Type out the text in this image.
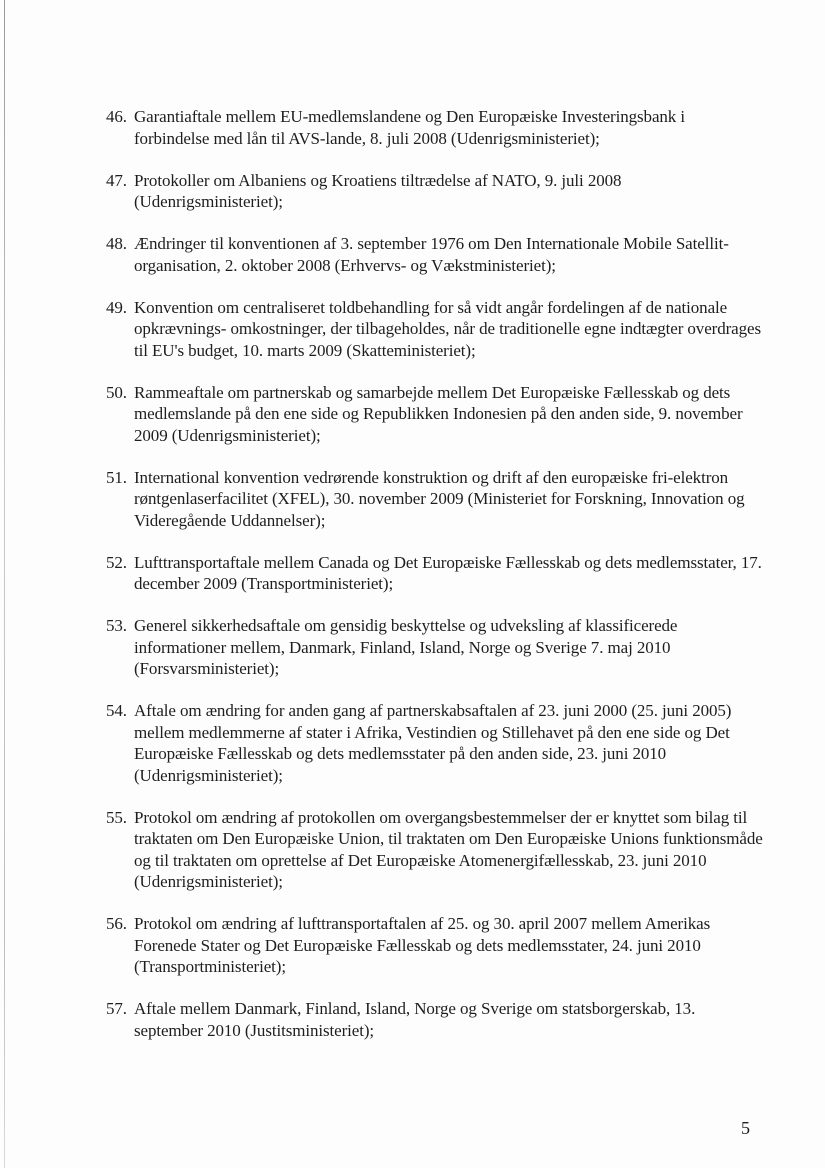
46. Garantiaftale mellem EU-medlemslandene og Den Europæiske Investeringsbank i forbindelse med lån til AVS-lande, 8. juli 2008 (Udenrigsministeriet);
47. Protokoller om Albaniens og Kroatiens tiltrædelse af NATO, 9. juli 2008 (Udenrigsministeriet);
48. Ændringer til konventionen af 3. september 1976 om Den Internationale Mobile Satellit-organisation, 2. oktober 2008 (Erhvervs- og Vækstministeriet);
49. Konvention om centraliseret toldbehandling for så vidt angår fordelingen af de nationale opkrævnings- omkostninger, der tilbageholdes, når de traditionelle egne indtægter overdrages til EU's budget, 10. marts 2009 (Skatteministeriet);
50. Rammeaftale om partnerskab og samarbejde mellem Det Europæiske Fællesskab og dets medlemslande på den ene side og Republikken Indonesien på den anden side, 9. november 2009 (Udenrigsministeriet);
51. International konvention vedrørende konstruktion og drift af den europæiske fri-elektron røntgenlaserfacilitet (XFEL), 30. november 2009 (Ministeriet for Forskning, Innovation og Videregående Uddannelser);
52. Lufttransportaftale mellem Canada og Det Europæiske Fællesskab og dets medlemsstater, 17. december 2009 (Transportministeriet);
53. Generel sikkerhedsaftale om gensidig beskyttelse og udveksling af klassificerede informationer mellem, Danmark, Finland, Island, Norge og Sverige 7. maj 2010 (Forsvarsministeriet);
54. Aftale om ændring for anden gang af partnerskabsaftalen af 23. juni 2000 (25. juni 2005) mellem medlemmerne af stater i Afrika, Vestindien og Stillehavet på den ene side og Det Europæiske Fællesskab og dets medlemsstater på den anden side, 23. juni 2010 (Udenrigsministeriet);
55. Protokol om ændring af protokollen om overgangsbestemmelser der er knyttet som bilag til traktaten om Den Europæiske Union, til traktaten om Den Europæiske Unions funktionsmåde og til traktaten om oprettelse af Det Europæiske Atomenergifællesskab, 23. juni 2010 (Udenrigsministeriet);
56. Protokol om ændring af lufttransportaftalen af 25. og 30. april 2007 mellem Amerikas Forenede Stater og Det Europæiske Fællesskab og dets medlemsstater, 24. juni 2010 (Transportministeriet);
57. Aftale mellem Danmark, Finland, Island, Norge og Sverige om statsborgerskab, 13. september 2010 (Justitsministeriet);
5
